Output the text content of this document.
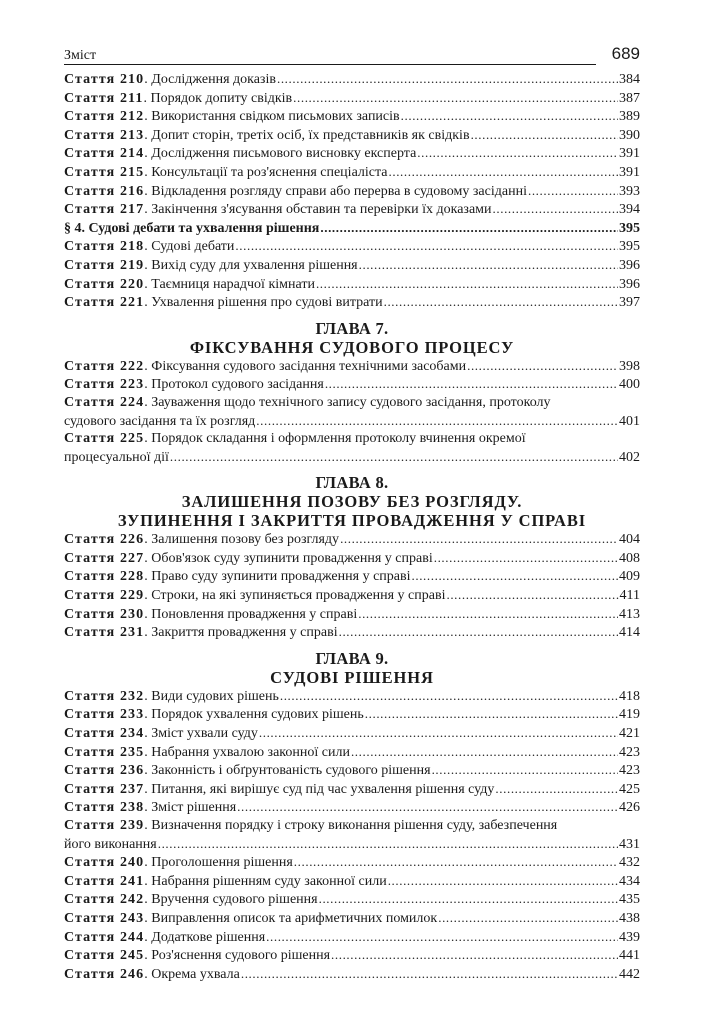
Зміст	689
Стаття 210 . Дослідження доказів .....	384
Стаття 211 . Порядок допиту свідків .....	387
Стаття 212 . Використання свідком письмових записів .....	389
Стаття 213 . Допит сторін, третіх осіб, їх представників як свідків .....	390
Стаття 214 . Дослідження письмового висновку експерта .....	391
Стаття 215 . Консультації та роз'яснення спеціаліста .....	391
Стаття 216 . Відкладення розгляду справи або перерва в судовому засіданні .....	393
Стаття 217 . Закінчення з'ясування обставин та перевірки їх доказами .....	394
§ 4. Судові дебати та ухвалення рішення .....	395
Стаття 218 . Судові дебати .....	395
Стаття 219 . Вихід суду для ухвалення рішення .....	396
Стаття 220 . Таємниця нарадчої кімнати .....	396
Стаття 221 . Ухвалення рішення про судові витрати .....	397
ГЛАВА 7.
ФІКСУВАННЯ СУДОВОГО ПРОЦЕСУ
Стаття 222 . Фіксування судового засідання технічними засобами .....	398
Стаття 223 . Протокол судового засідання .....	400
Стаття 224. Зауваження щодо технічного запису судового засідання, протоколу
судового засідання та їх розгляд .....	401
Стаття 225. Порядок складання і оформлення протоколу вчинення окремої
процесуальної дії .....	402
ГЛАВА 8.
ЗАЛИШЕННЯ ПОЗОВУ БЕЗ РОЗГЛЯДУ.
ЗУПИНЕННЯ І ЗАКРИТТЯ ПРОВАДЖЕННЯ У СПРАВІ
Стаття 226 . Залишення позову без розгляду .....	404
Стаття 227 . Обов'язок суду зупинити провадження у справі .....	408
Стаття 228 . Право суду зупинити провадження у справі .....	409
Стаття 229 . Строки, на які зупиняється провадження у справі .....	411
Стаття 230 . Поновлення провадження у справі .....	413
Стаття 231 . Закриття провадження у справі .....	414
ГЛАВА 9.
СУДОВІ РІШЕННЯ
Стаття 232 . Види судових рішень .....	418
Стаття 233 . Порядок ухвалення судових рішень .....	419
Стаття 234 . Зміст ухвали суду .....	421
Стаття 235 . Набрання ухвалою законної сили .....	423
Стаття 236 . Законність і обґрунтованість судового рішення .....	423
Стаття 237 . Питання, які вирішує суд під час ухвалення рішення суду .....	425
Стаття 238 . Зміст рішення .....	426
Стаття 239. Визначення порядку і строку виконання рішення суду, забезпечення
його виконання .....	431
Стаття 240 . Проголошення рішення .....	432
Стаття 241 . Набрання рішенням суду законної сили .....	434
Стаття 242 . Вручення судового рішення .....	435
Стаття 243 . Виправлення описок та арифметичних помилок .....	438
Стаття 244 . Додаткове рішення .....	439
Стаття 245 . Роз'яснення судового рішення .....	441
Стаття 246 . Окрема ухвала .....	442
